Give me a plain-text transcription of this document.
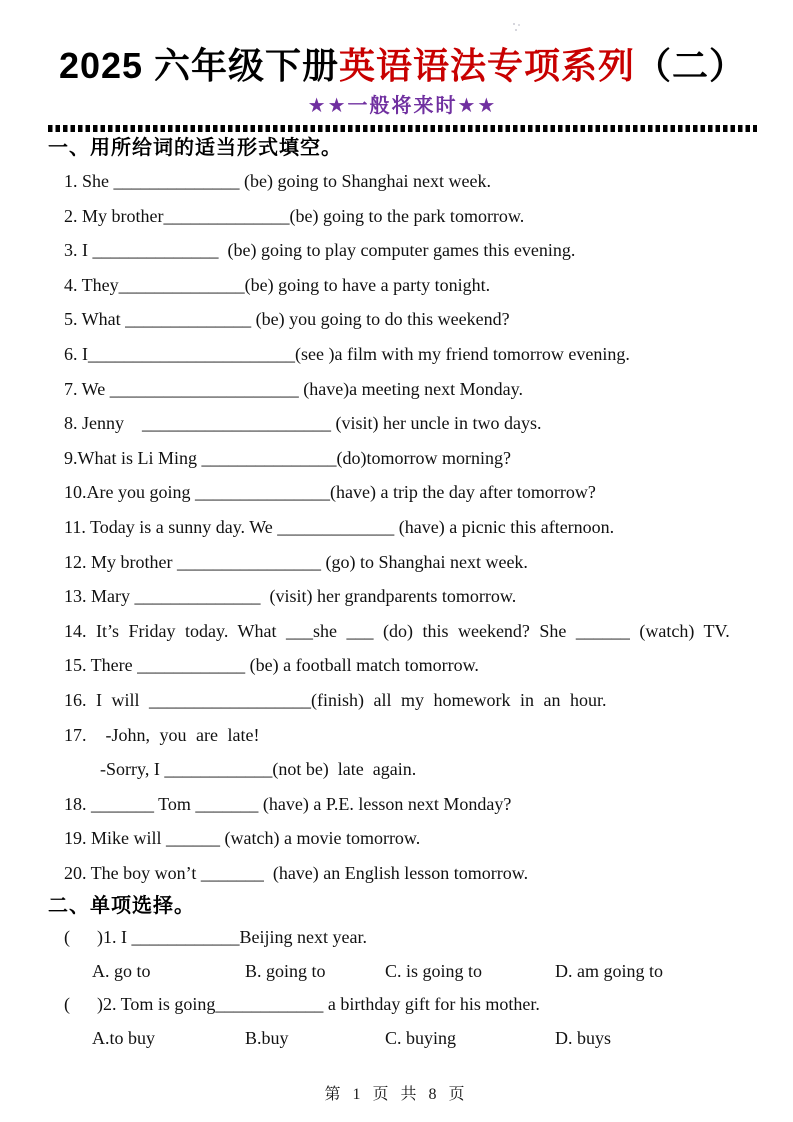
2025 六年级下册英语语法专项系列（二）
★★一般将来时★★
一、用所给词的适当形式填空。
1. She ______________ (be) going to Shanghai next week.
2. My brother______________(be) going to the park tomorrow.
3. I ______________  (be) going to play computer games this evening.
4. They______________(be) going to have a party tonight.
5. What ______________ (be) you going to do this weekend?
6. I_______________________(see )a film with my friend tomorrow evening.
7. We _____________________ (have)a meeting next Monday.
8. Jenny    _____________________ (visit) her uncle in two days.
9.What is Li Ming _______________(do)tomorrow morning?
10.Are you going _______________(have) a trip the day after tomorrow?
11. Today is a sunny day. We _____________ (have) a picnic this afternoon.
12. My brother ________________ (go) to Shanghai next week.
13. Mary ______________  (visit) her grandparents tomorrow.
14. It’s Friday today. What ___she ___ (do) this weekend? She ______ (watch) TV.
15. There ____________ (be) a football match tomorrow.
16. I will __________________(finish) all my homework in an hour.
17.  -John, you are late!
-Sorry, I ____________(not be)  late  again.
18. _______ Tom _______ (have) a P.E. lesson next Monday?
19. Mike will ______ (watch) a movie tomorrow.
20. The boy won’t _______  (have) an English lesson tomorrow.
二、单项选择。
(      )1. I ____________Beijing next year.
A. go to	B. going to	C. is going to	D. am going to
(      )2. Tom is going____________ a birthday gift for his mother.
A.to buy	B.buy	C. buying	D. buys
第 1 页 共 8 页
